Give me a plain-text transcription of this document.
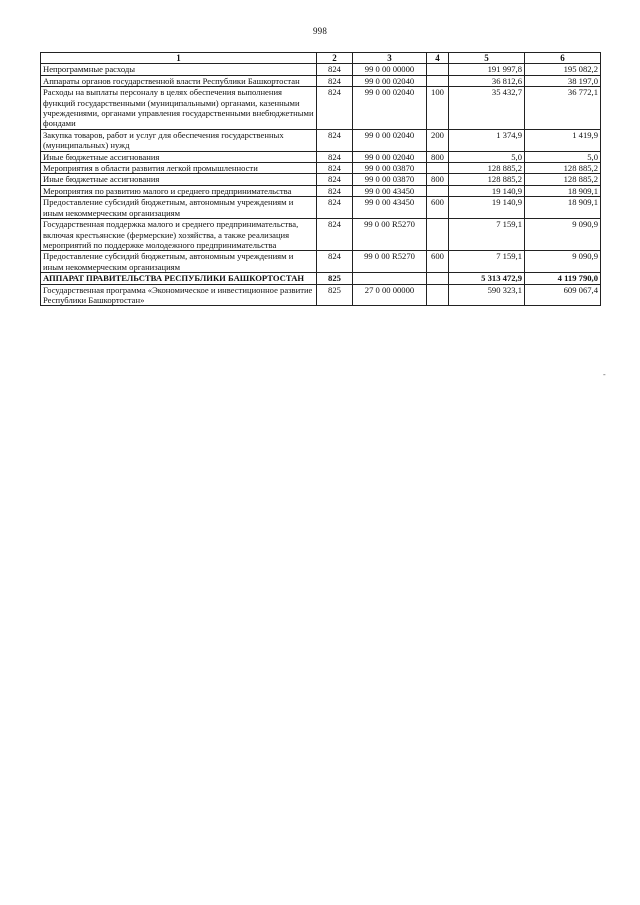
998
1	2	3	4	5	6
Непрограммные расходы	824	99 0 00 00000		191 997,8	195 082,2
Аппараты органов государственной власти Республики Башкортостан	824	99 0 00 02040		36 812,6	38 197,0
Расходы на выплаты персоналу в целях обеспечения выполнения функций государственными (муниципальными) органами, казенными учреждениями, органами управления государственными внебюджетными фондами	824	99 0 00 02040	100	35 432,7	36 772,1
Закупка товаров, работ и услуг для обеспечения государственных (муниципальных) нужд	824	99 0 00 02040	200	1 374,9	1 419,9
Иные бюджетные ассигнования	824	99 0 00 02040	800	5,0	5,0
Мероприятия в области развития легкой промышленности	824	99 0 00 03870		128 885,2	128 885,2
Иные бюджетные ассигнования	824	99 0 00 03870	800	128 885,2	128 885,2
Мероприятия по развитию малого и среднего предпринимательства	824	99 0 00 43450		19 140,9	18 909,1
Предоставление субсидий бюджетным, автономным учреждениям и иным некоммерческим организациям	824	99 0 00 43450	600	19 140,9	18 909,1
Государственная поддержка малого и среднего предпринимательства, включая крестьянские (фермерские) хозяйства, а также реализация мероприятий по поддержке молодежного предпринимательства	824	99 0 00 R5270		7 159,1	9 090,9
Предоставление субсидий бюджетным, автономным учреждениям и иным некоммерческим организациям	824	99 0 00 R5270	600	7 159,1	9 090,9
АППАРАТ ПРАВИТЕЛЬСТВА РЕСПУБЛИКИ БАШКОРТОСТАН	825			5 313 472,9	4 119 790,0
Государственная программа «Экономическое и инвестиционное развитие Республики Башкортостан»	825	27 0 00 00000		590 323,1	609 067,4
-
